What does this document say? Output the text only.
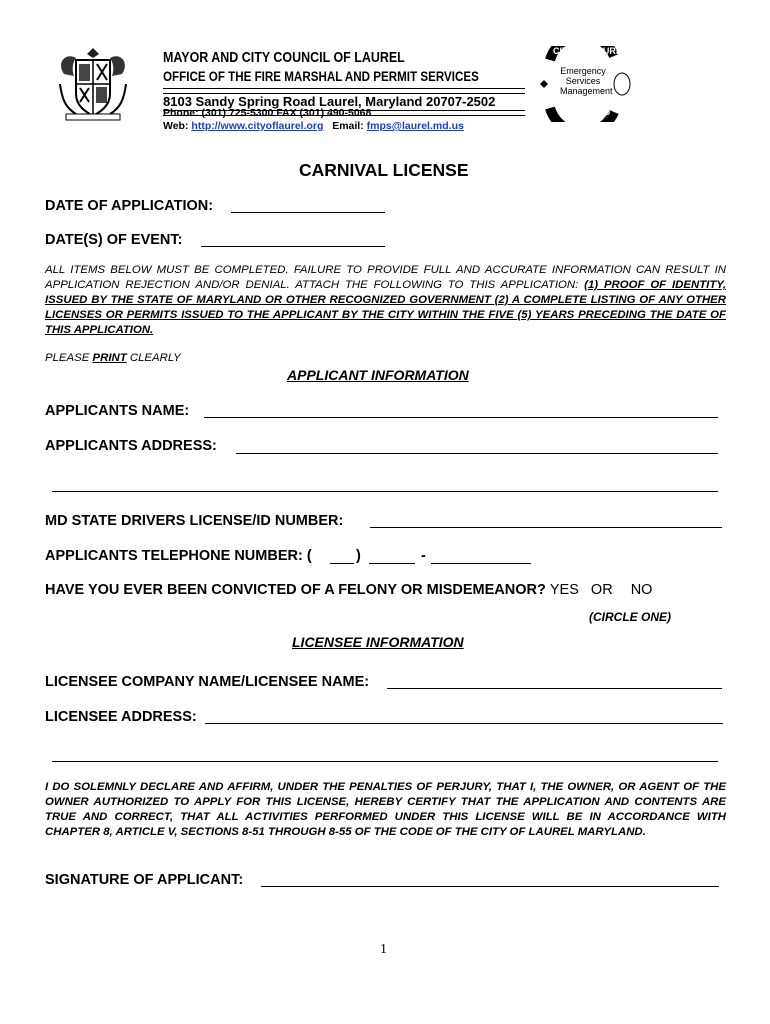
MAYOR AND CITY COUNCIL OF LAUREL
OFFICE OF THE FIRE MARSHAL AND PERMIT SERVICES
8103 Sandy Spring Road Laurel, Maryland 20707-2502
Phone: (301) 725-5300 FAX (301) 490-5068
Web: http://www.cityoflaurel.org Email: fmps@laurel.md.us
CITY OF LAUREL
Emergency
Services
Management
MARYLAND
CARNIVAL LICENSE
DATE OF APPLICATION:
DATE(S) OF EVENT:
ALL ITEMS BELOW MUST BE COMPLETED. FAILURE TO PROVIDE FULL AND ACCURATE INFORMATION CAN RESULT IN APPLICATION REJECTION AND/OR DENIAL. ATTACH THE FOLLOWING TO THIS APPLICATION: (1) PROOF OF IDENTITY, ISSUED BY THE STATE OF MARYLAND OR OTHER RECOGNIZED GOVERNMENT (2) A COMPLETE LISTING OF ANY OTHER LICENSES OR PERMITS ISSUED TO THE APPLICANT BY THE CITY WITHIN THE FIVE (5) YEARS PRECEDING THE DATE OF THIS APPLICATION.
PLEASE PRINT CLEARLY
APPLICANT INFORMATION
APPLICANTS NAME:
APPLICANTS ADDRESS:
MD STATE DRIVERS LICENSE/ID NUMBER:
APPLICANTS TELEPHONE NUMBER: (	)	-
HAVE YOU EVER BEEN CONVICTED OF A FELONY OR MISDEMEANOR? YES OR NO
(CIRCLE ONE)
LICENSEE INFORMATION
LICENSEE COMPANY NAME/LICENSEE NAME:
LICENSEE ADDRESS:
I DO SOLEMNLY DECLARE AND AFFIRM, UNDER THE PENALTIES OF PERJURY, THAT I, THE OWNER, OR AGENT OF THE OWNER AUTHORIZED TO APPLY FOR THIS LICENSE, HEREBY CERTIFY THAT THE APPLICATION AND CONTENTS ARE TRUE AND CORRECT, THAT ALL ACTIVITIES PERFORMED UNDER THIS LICENSE WILL BE IN ACCORDANCE WITH CHAPTER 8, ARTICLE V, SECTIONS 8-51 THROUGH 8-55 OF THE CODE OF THE CITY OF LAUREL MARYLAND.
SIGNATURE OF APPLICANT:
1
